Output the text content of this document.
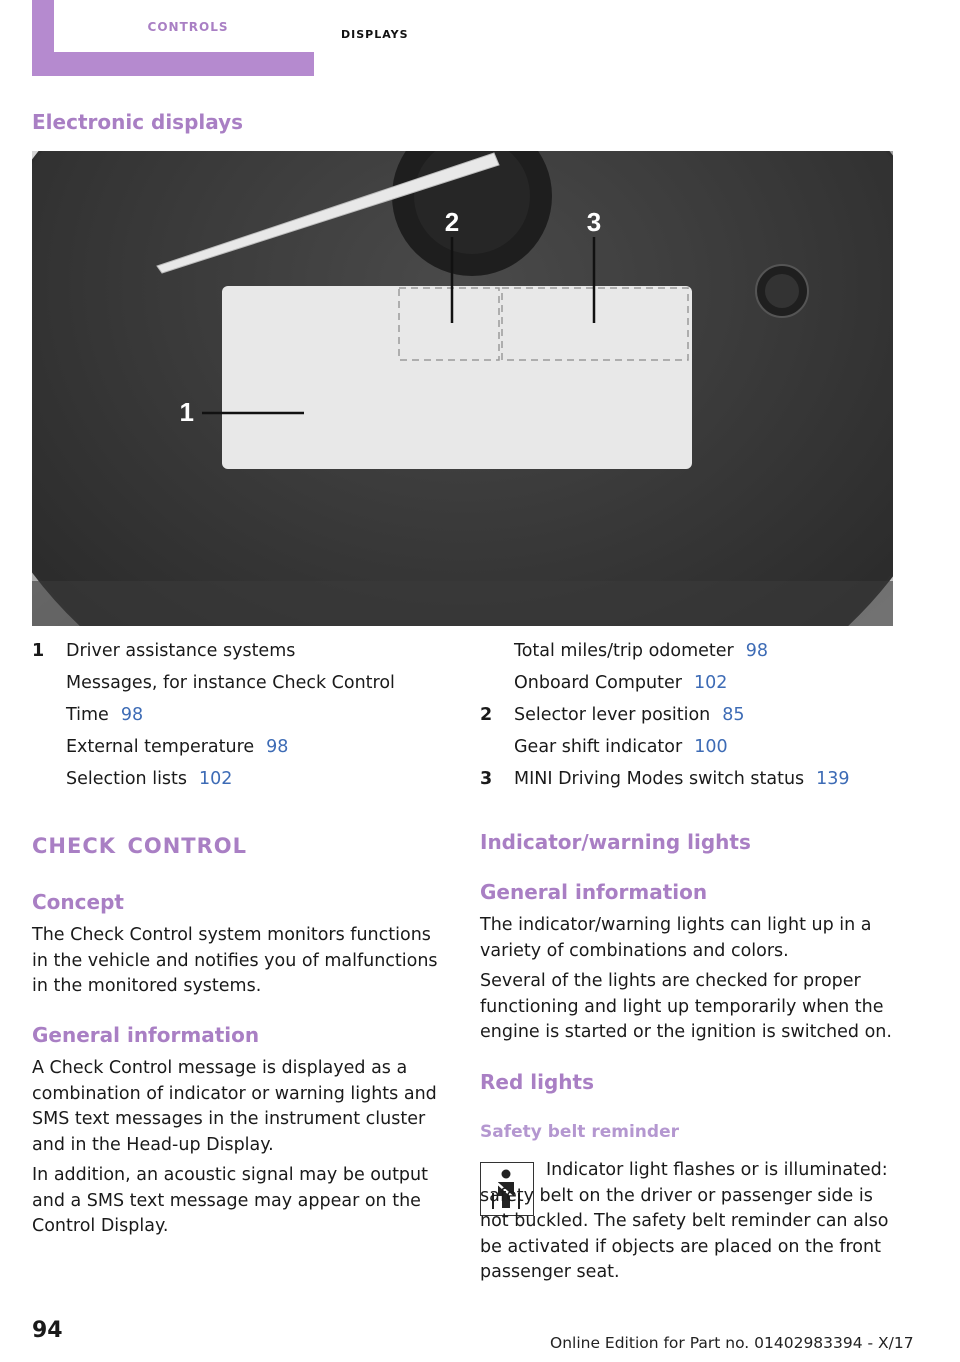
controls	displays
Electronic displays
2	3
1
1 Driver assistance systems
Messages, for instance Check Control
Time 98
External temperature 98
Selection lists 102
Total miles/trip odometer 98
Onboard Computer 102
2 Selector lever position 85
Gear shift indicator 100
3 MINI Driving Modes switch status 139
check control
Concept

The Check Control system monitors functions in the vehicle and notifies you of malfunctions in the monitored systems.

General information

A Check Control message is displayed as a combination of indicator or warning lights and SMS text messages in the instrument cluster and in the Head-up Display.

In addition, an acoustic signal may be output and a SMS text message may appear on the Control Display.

Indicator/warning lights
General information

The indicator/warning lights can light up in a variety of combinations and colors.

Several of the lights are checked for proper functioning and light up temporarily when the engine is started or the ignition is switched on.

Red lights
Safety belt reminder

Indicator light flashes or is illuminated: safety belt on the driver or passenger side is not buckled. The safety belt reminder can also be activated if objects are placed on the front passenger seat.

94	Online Edition for Part no. 01402983394 - X/17
